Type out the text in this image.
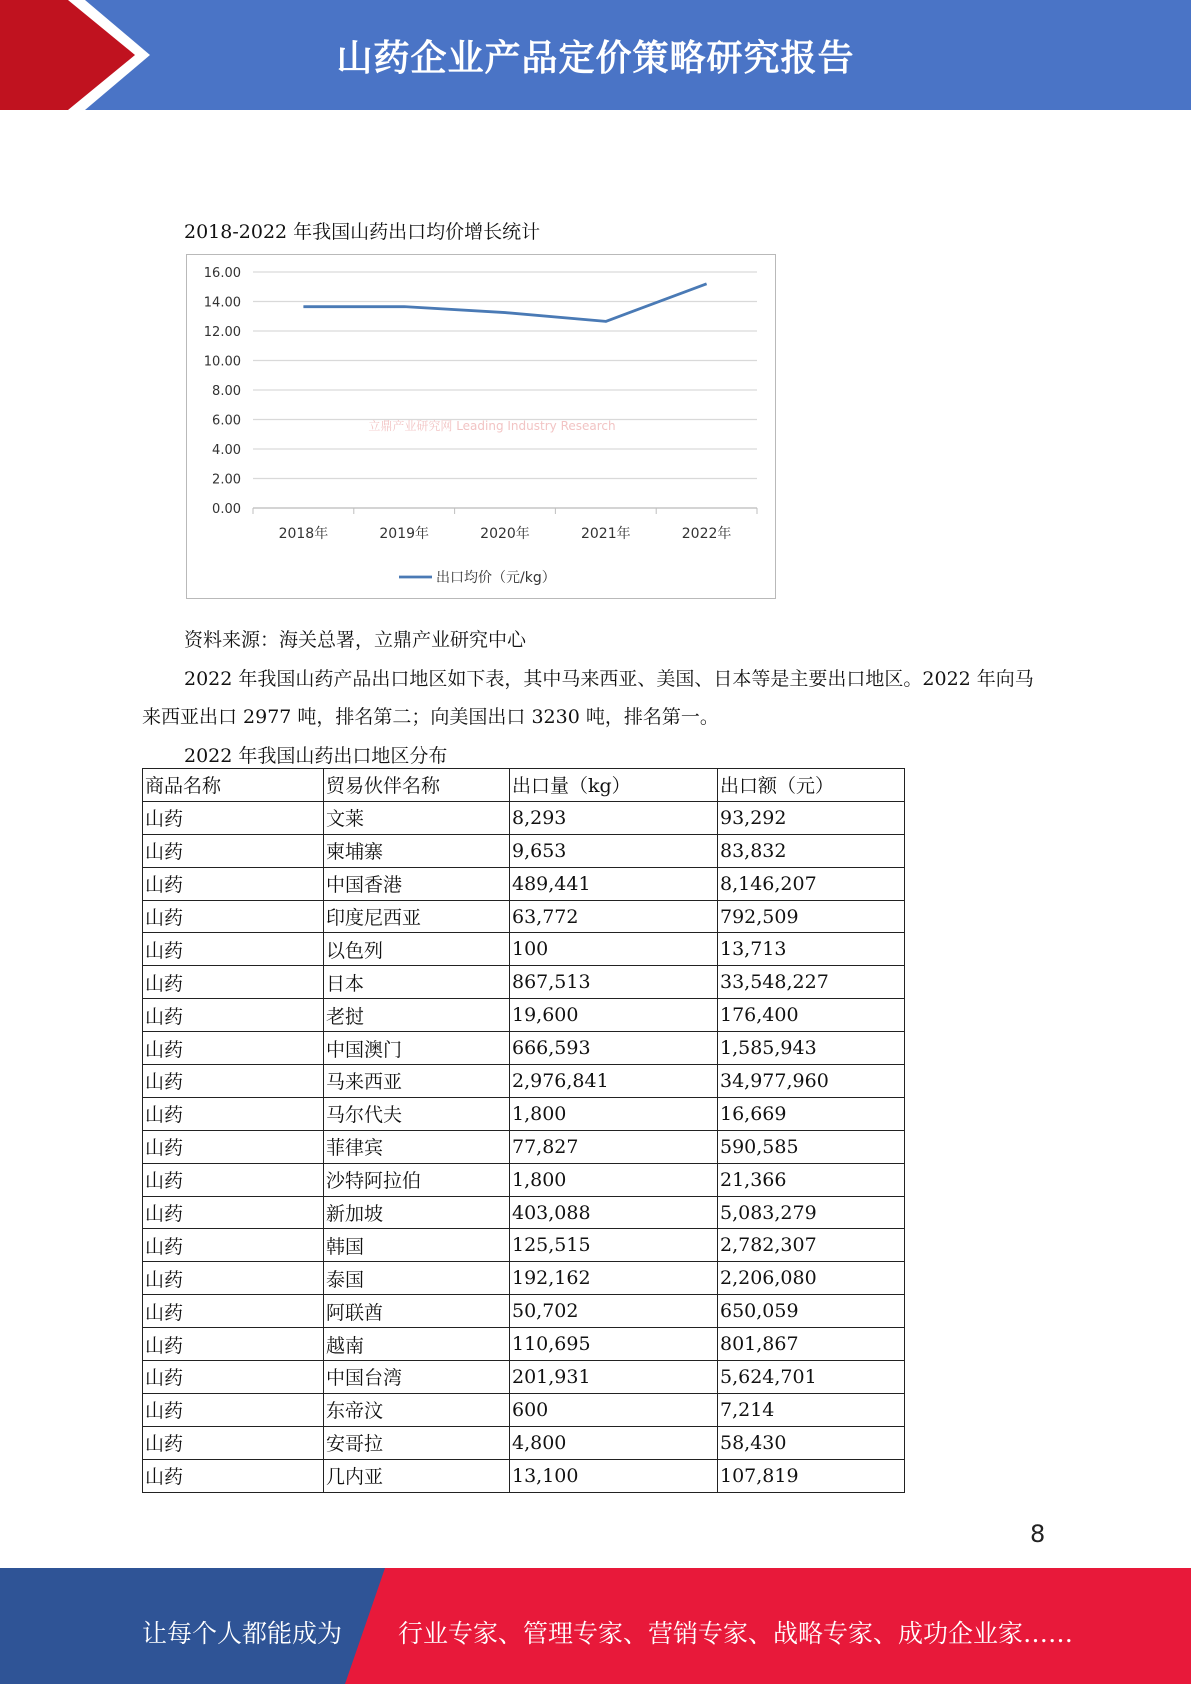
山药企业产品定价策略研究报告
2018-2022 年我国山药出口均价增长统计
0.00
2.00
4.00
6.00
8.00
10.00
12.00
14.00
16.00
2018年	2019年	2020年	2021年	2022年
立鼎产业研究网 Leading Industry Research
出口均价（元/kg）
资料来源：海关总署，立鼎产业研究中心
2022 年我国山药产品出口地区如下表，其中马来西亚、美国、日本等是主要出口地区。2022 年向马来西亚出口 2977 吨，排名第二；向美国出口 3230 吨，排名第一。
2022 年我国山药出口地区分布
商品名称	贸易伙伴名称	出口量（kg）	出口额（元）
山药	文莱	8,293	93,292
山药	柬埔寨	9,653	83,832
山药	中国香港	489,441	8,146,207
山药	印度尼西亚	63,772	792,509
山药	以色列	100	13,713
山药	日本	867,513	33,548,227
山药	老挝	19,600	176,400
山药	中国澳门	666,593	1,585,943
山药	马来西亚	2,976,841	34,977,960
山药	马尔代夫	1,800	16,669
山药	菲律宾	77,827	590,585
山药	沙特阿拉伯	1,800	21,366
山药	新加坡	403,088	5,083,279
山药	韩国	125,515	2,782,307
山药	泰国	192,162	2,206,080
山药	阿联酋	50,702	650,059
山药	越南	110,695	801,867
山药	中国台湾	201,931	5,624,701
山药	东帝汶	600	7,214
山药	安哥拉	4,800	58,430
山药	几内亚	13,100	107,819
8
让每个人都能成为 行业专家、管理专家、营销专家、战略专家、成功企业家……
